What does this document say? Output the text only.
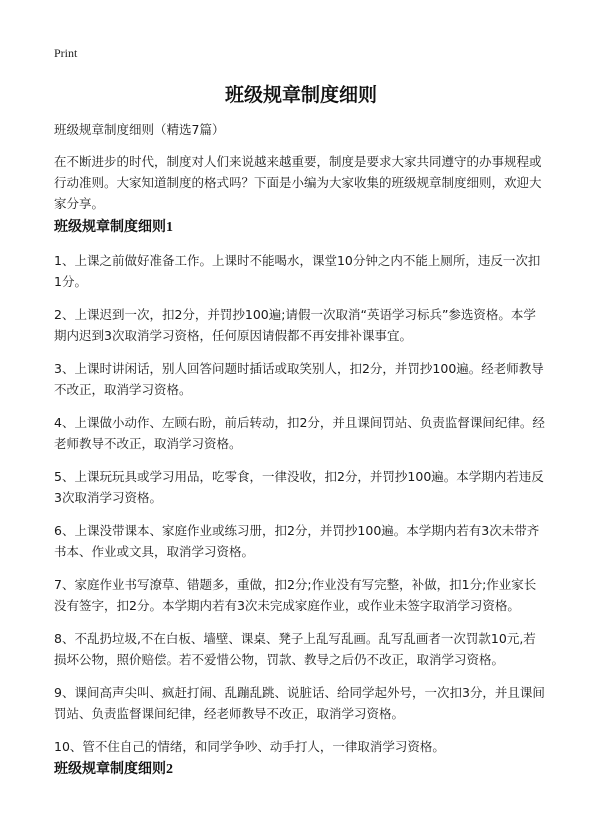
Print
班级规章制度细则
班级规章制度细则（精选7篇）

在不断进步的时代，制度对人们来说越来越重要，制度是要求大家共同遵守的办事规程或行动准则。大家知道制度的格式吗？下面是小编为大家收集的班级规章制度细则，欢迎大家分享。

班级规章制度细则1

1、上课之前做好准备工作。上课时不能喝水，课堂10分钟之内不能上厕所，违反一次扣1分。

2、上课迟到一次，扣2分，并罚抄100遍;请假一次取消“英语学习标兵”参选资格。本学期内迟到3次取消学习资格，任何原因请假都不再安排补课事宜。

3、上课时讲闲话，别人回答问题时插话或取笑别人，扣2分，并罚抄100遍。经老师教导不改正，取消学习资格。

4、上课做小动作、左顾右盼，前后转动，扣2分，并且课间罚站、负责监督课间纪律。经老师教导不改正，取消学习资格。

5、上课玩玩具或学习用品，吃零食，一律没收，扣2分，并罚抄100遍。本学期内若违反3次取消学习资格。

6、上课没带课本、家庭作业或练习册，扣2分，并罚抄100遍。本学期内若有3次未带齐书本、作业或文具，取消学习资格。

7、家庭作业书写潦草、错题多，重做，扣2分;作业没有写完整，补做，扣1分;作业家长没有签字，扣2分。本学期内若有3次未完成家庭作业，或作业未签字取消学习资格。

8、不乱扔垃圾,不在白板、墙壁、课桌、凳子上乱写乱画。乱写乱画者一次罚款10元,若损坏公物，照价赔偿。若不爱惜公物，罚款、教导之后仍不改正，取消学习资格。

9、课间高声尖叫、疯赶打闹、乱蹦乱跳、说脏话、给同学起外号，一次扣3分，并且课间罚站、负责监督课间纪律，经老师教导不改正，取消学习资格。

10、管不住自己的情绪，和同学争吵、动手打人，一律取消学习资格。

班级规章制度细则2
